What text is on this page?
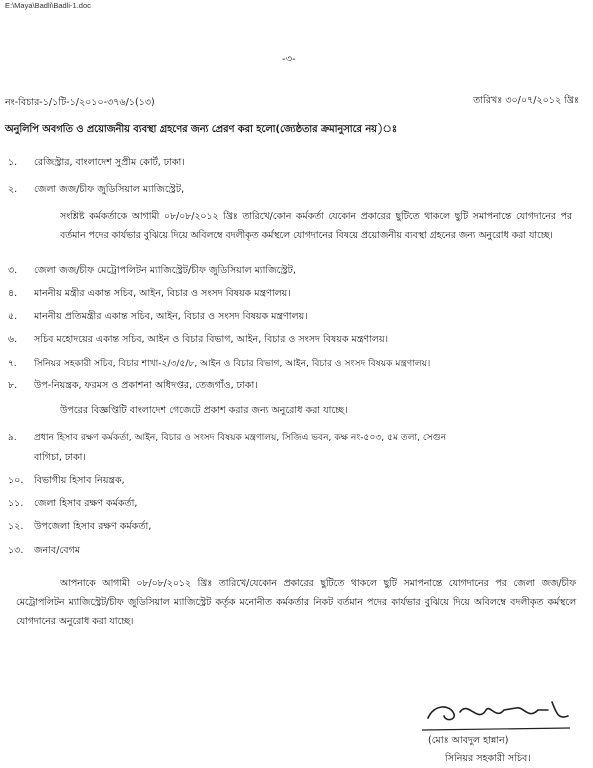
E:\Maya\Badli\Badli-1.doc
-৩-
নং-বিচার-১/১টি-১/২০১০-৩৭৬/১(১৩)	তারিখঃ ৩০/০৭/২০১২ খ্রিঃ
অনুলিপি অবগতি ও প্রয়োজনীয় ব্যবস্থা গ্রহণের জন্য প্রেরণ করা হলো(জ্যেষ্ঠতার ক্রমানুসারে নয়)ঃ
১. রেজিস্ট্রার, বাংলাদেশ সুপ্রীম কোর্ট, ঢাকা।
২. জেলা জজ/চীফ জুডিসিয়াল ম্যাজিস্ট্রেট,
সংশ্লিষ্ট কর্মকর্তাকে আগামী ০৮/০৮/২০১২ খ্রিঃ তারিখে/কোন কর্মকর্তা যেকোন প্রকারের ছুটিতে থাকলে ছুটি সমাপনান্তে যোগদানের পর বর্তমান পদের কার্যভার বুঝিয়ে দিয়ে অবিলম্বে বদলীকৃত কর্মস্থলে যোগদানের বিষয়ে প্রয়োজনীয় ব্যবস্থা গ্রহনের জন্য অনুরোধ করা যাচ্ছে।
৩. জেলা জজ/চীফ মেট্রোপলিটন ম্যাজিস্ট্রেট/চীফ জুডিসিয়াল ম্যাজিস্ট্রেট,
৪. মাননীয় মন্ত্রীর একান্ত সচিব, আইন, বিচার ও সংসদ বিষয়ক মন্ত্রণালয়।
৫. মাননীয় প্রতিমন্ত্রীর একান্ত সচিব, আইন, বিচার ও সংসদ বিষয়ক মন্ত্রণালয়।
৬. সচিব মহোদয়ের একান্ত সচিব, আইন ও বিচার বিভাগ, আইন, বিচার ও সংসদ বিষয়ক মন্ত্রণালয়।
৭. সিনিয়র সহকারী সচিব, বিচার শাখা-২/৩/৫/৮, আইন ও বিচার বিভাগ, আইন, বিচার ও সংসদ বিষয়ক মন্ত্রণালয়।
৮. উপ-নিয়ন্ত্রক, ফরমস ও প্রকাশনা অধিদপ্তর, তেজগাঁও, ঢাকা।
উপরের বিজ্ঞপ্তিটি বাংলাদেশ গেজেটে প্রকাশ করার জন্য অনুরোধ করা যাচ্ছে।
৯. প্রধান হিসাব রক্ষণ কর্মকর্তা, আইন, বিচার ও সংসদ বিষয়ক মন্ত্রণালয়, সিজিএ ভবন, কক্ষ নং-৫০৩, ৫ম তলা, সেগুন
বাগিচা, ঢাকা।
১০. বিভাগীয় হিসাব নিয়ন্ত্রক,
১১. জেলা হিসাব রক্ষণ কর্মকর্তা,
১২. উপজেলা হিসাব রক্ষণ কর্মকর্তা,
১৩. জনাব/বেগম
আপনাকে আগামী ০৮/০৮/২০১২ খ্রিঃ তারিখে/যেকোন প্রকারের ছুটিতে থাকলে ছুটি সমাপনান্তে যোগদানের পর জেলা জজ/চীফ মেট্রোপলিটন ম্যাজিস্ট্রেট/চীফ জুডিসিয়াল ম্যাজিস্ট্রেট কর্তৃক মনোনীত কর্মকর্তার নিকট বর্তমান পদের কার্যভার বুঝিয়ে দিয়ে অবিলম্বে বদলীকৃত কর্মস্থলে যোগদানের অনুরোধ করা যাচ্ছে।
(মোঃ আবদুল হান্নান)
সিনিয়র সহকারী সচিব।
